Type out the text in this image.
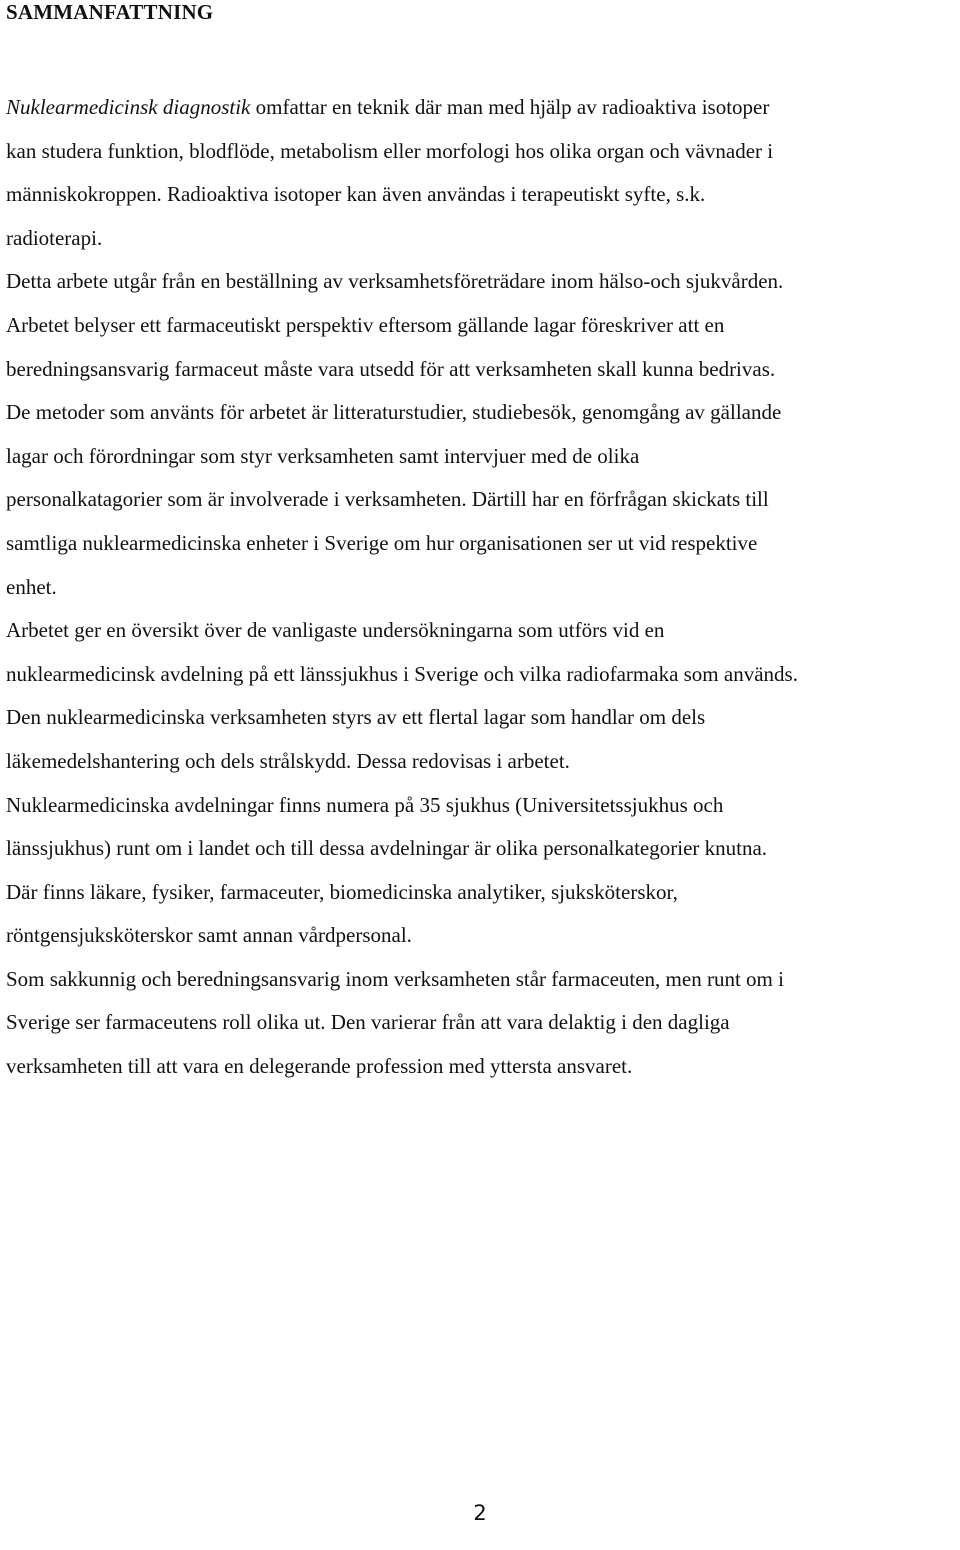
SAMMANFATTNING

Nuklearmedicinsk diagnostik omfattar en teknik där man med hjälp av radioaktiva isotoper

kan studera funktion, blodflöde, metabolism eller morfologi hos olika organ och vävnader i

människokroppen. Radioaktiva isotoper kan även användas i terapeutiskt syfte, s.k.

radioterapi.

Detta arbete utgår från en beställning av verksamhetsföreträdare inom hälso-och sjukvården.

Arbetet belyser ett farmaceutiskt perspektiv eftersom gällande lagar föreskriver att en

beredningsansvarig farmaceut måste vara utsedd för att verksamheten skall kunna bedrivas.

De metoder som använts för arbetet är litteraturstudier, studiebesök, genomgång av gällande

lagar och förordningar som styr verksamheten samt intervjuer med de olika

personalkatagorier som är involverade i verksamheten. Därtill har en förfrågan skickats till

samtliga nuklearmedicinska enheter i Sverige om hur organisationen ser ut vid respektive

enhet.

Arbetet ger en översikt över de vanligaste undersökningarna som utförs vid en

nuklearmedicinsk avdelning på ett länssjukhus i Sverige och vilka radiofarmaka som används.

Den nuklearmedicinska verksamheten styrs av ett flertal lagar som handlar om dels

läkemedelshantering och dels strålskydd. Dessa redovisas i arbetet.

Nuklearmedicinska avdelningar finns numera på 35 sjukhus (Universitetssjukhus och

länssjukhus) runt om i landet och till dessa avdelningar är olika personalkategorier knutna.

Där finns läkare, fysiker, farmaceuter, biomedicinska analytiker, sjuksköterskor,

röntgensjuksköterskor samt annan vårdpersonal.

Som sakkunnig och beredningsansvarig inom verksamheten står farmaceuten, men runt om i

Sverige ser farmaceutens roll olika ut. Den varierar från att vara delaktig i den dagliga

verksamheten till att vara en delegerande profession med yttersta ansvaret.

2
